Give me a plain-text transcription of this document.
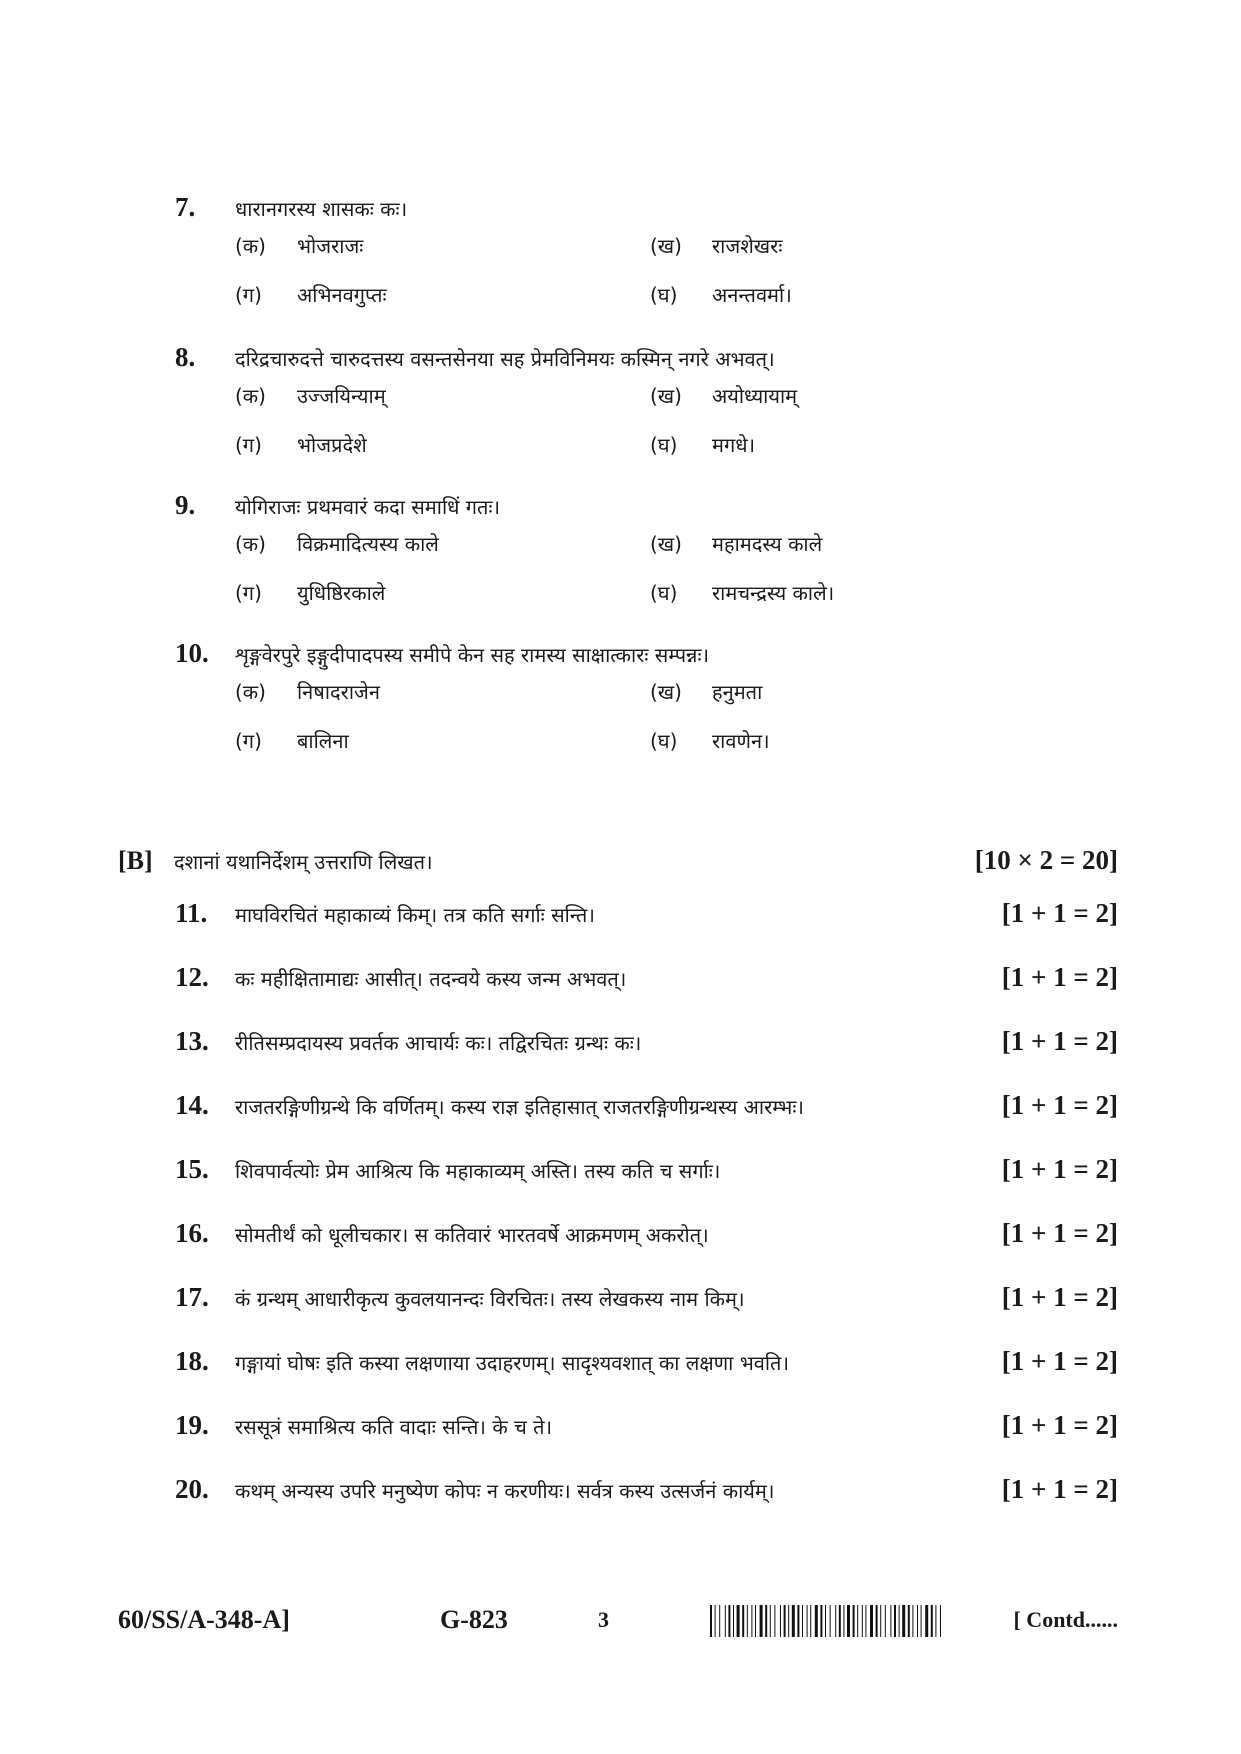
7.	धारानगरस्य शासकः कः।
(क)	भोजराजः	(ख)	राजशेखरः
(ग)	अभिनवगुप्तः	(घ)	अनन्तवर्मा।
8.	दरिद्रचारुदत्ते चारुदत्तस्य वसन्तसेनया सह प्रेमविनिमयः कस्मिन् नगरे अभवत्।
(क)	उज्जयिन्याम्	(ख)	अयोध्यायाम्
(ग)	भोजप्रदेशे	(घ)	मगधे।
9.	योगिराजः प्रथमवारं कदा समाधिं गतः।
(क)	विक्रमादित्यस्य काले	(ख)	महामदस्य काले
(ग)	युधिष्ठिरकाले	(घ)	रामचन्द्रस्य काले।
10.	शृङ्गवेरपुरे इङ्गुदीपादपस्य समीपे केन सह रामस्य साक्षात्कारः सम्पन्नः।
(क)	निषादराजेन	(ख)	हनुमता
(ग)	बालिना	(घ)	रावणेन।
[B]	दशानां यथानिर्देशम् उत्तराणि लिखत।	[10 × 2 = 20]
11.	माघविरचितं महाकाव्यं किम्। तत्र कति सर्गाः सन्ति।	[1 + 1 = 2]
12.	कः महीक्षितामाद्यः आसीत्। तदन्वये कस्य जन्म अभवत्।	[1 + 1 = 2]
13.	रीतिसम्प्रदायस्य प्रवर्तक आचार्यः कः। तद्विरचितः ग्रन्थः कः।	[1 + 1 = 2]
14.	राजतरङ्गिणीग्रन्थे कि वर्णितम्। कस्य राज्ञ इतिहासात् राजतरङ्गिणीग्रन्थस्य आरम्भः।	[1 + 1 = 2]
15.	शिवपार्वत्योः प्रेम आश्रित्य कि महाकाव्यम् अस्ति। तस्य कति च सर्गाः।	[1 + 1 = 2]
16.	सोमतीर्थं को धूलीचकार। स कतिवारं भारतवर्षे आक्रमणम् अकरोत्।	[1 + 1 = 2]
17.	कं ग्रन्थम् आधारीकृत्य कुवलयानन्दः विरचितः। तस्य लेखकस्य नाम किम्।	[1 + 1 = 2]
18.	गङ्गायां घोषः इति कस्या लक्षणाया उदाहरणम्। सादृश्यवशात् का लक्षणा भवति।	[1 + 1 = 2]
19.	रससूत्रं समाश्रित्य कति वादाः सन्ति। के च ते।	[1 + 1 = 2]
20.	कथम् अन्यस्य उपरि मनुष्येण कोपः न करणीयः। सर्वत्र कस्य उत्सर्जनं कार्यम्।	[1 + 1 = 2]
60/SS/A-348-A]	G-823	3	[ Contd......
